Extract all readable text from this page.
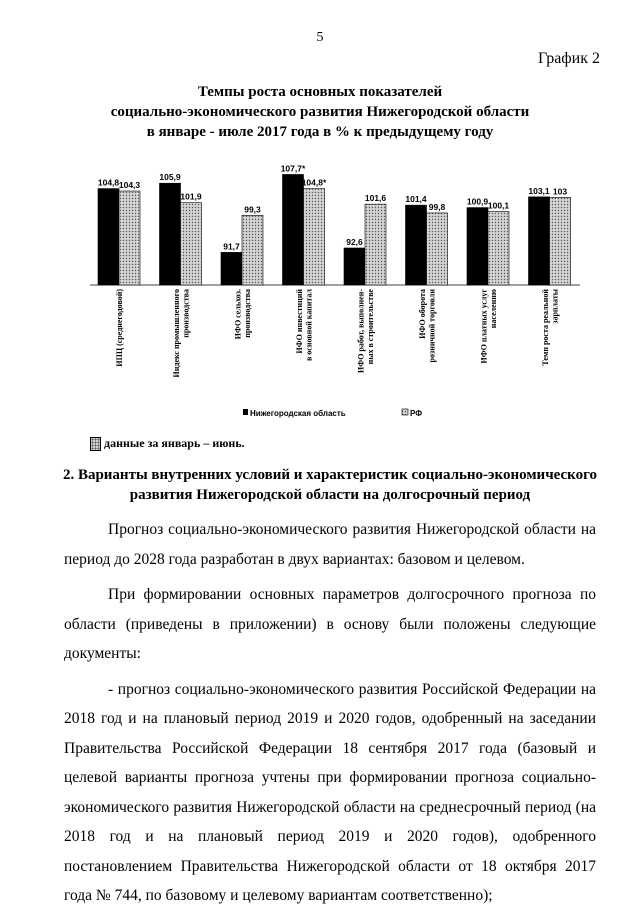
5
График 2
Темпы роста основных показателей
социально-экономического развития Нижегородской области
в январе - июле 2017 года в % к предыдущему году
104,8 104,3
105,9
101,9
91,7
99,3
107,7*
104,8*
92,6
101,6 101,4
99,8
100,9 100,1
103,1 103
ИПЦ (среднегодовой)	Индекс промышленного производства	ИФО сельхоз. производства	ИФО инвестиций в основной капитал	ИФО работ, выполнен- ных в строительстве	ИФО оборота розничной торговли	ИФО платных услуг населению	Темп роста реальной зарплаты
Нижегородская область	РФ
данные за январь – июнь.
2. Варианты внутренних условий и характеристик социально-экономического развития Нижегородской области на долгосрочный период

Прогноз социально-экономического развития Нижегородской области на период до 2028 года разработан в двух вариантах: базовом и целевом.

При формировании основных параметров долгосрочного прогноза по области (приведены в приложении) в основу были положены следующие документы:

- прогноз социально-экономического развития Российской Федерации на 2018 год и на плановый период 2019 и 2020 годов, одобренный на заседании Правительства Российской Федерации 18 сентября 2017 года (базовый и целевой варианты прогноза учтены при формировании прогноза социально-экономического развития Нижегородской области на среднесрочный период (на 2018 год и на плановый период 2019 и 2020 годов), одобренного постановлением Правительства Нижегородской области от 18 октября 2017 года № 744, по базовому и целевому вариантам соответственно);
